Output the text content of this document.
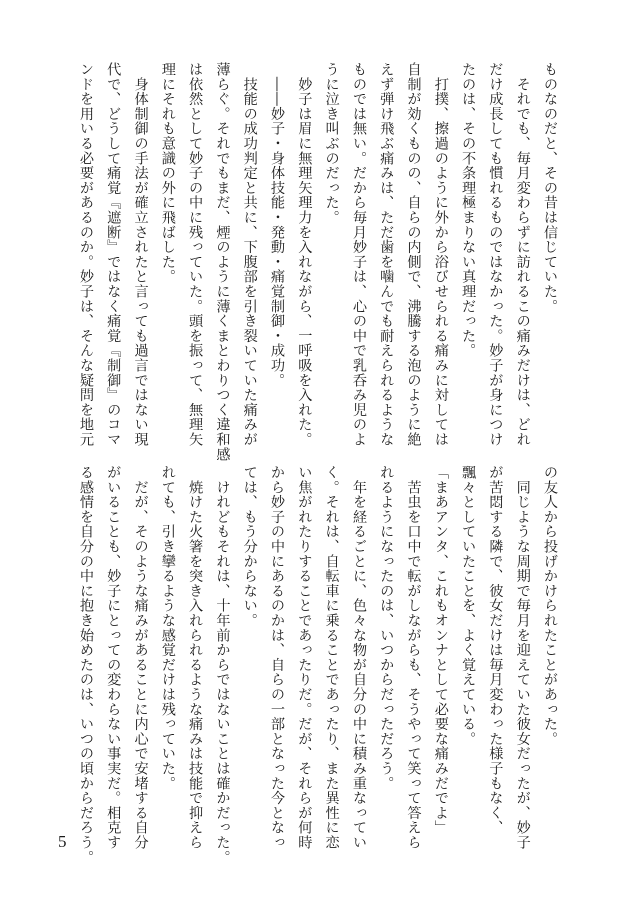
ものなのだと、その昔は信じていた。
　それでも、毎月変わらずに訪れるこの痛みだけは、どれ
だけ成長しても慣れるものではなかった。妙子が身につけ
たのは、その不条理極まりない真理だった。
　打撲、擦過のように外から浴びせられる痛みに対しては
自制が効くものの、自らの内側で、沸騰する泡のように絶
えず弾け飛ぶ痛みは、ただ歯を噛んでも耐えられるような
ものでは無い。だから毎月妙子は、心の中で乳呑み児のよ
うに泣き叫ぶのだった。
　妙子は眉に無理矢理力を入れながら、一呼吸を入れた。
　――妙子・身体技能・発動・痛覚制御・成功。
　技能の成功判定と共に、下腹部を引き裂いていた痛みが
薄らぐ。それでもまだ、煙のように薄くまとわりつく違和感
は依然として妙子の中に残っていた。頭を振って、無理矢
理にそれも意識の外に飛ばした。
　身体制御の手法が確立されたと言っても過言ではない現
代で、どうして痛覚『遮断』ではなく痛覚『制御』のコマ
ンドを用いる必要があるのか。妙子は、そんな疑問を地元
の友人から投げかけられたことがあった。
　同じような周期で毎月を迎えていた彼女だったが、妙子
が苦悶する隣で、彼女だけは毎月変わった様子もなく、
飄々としていたことを、よく覚えている。
「まあアンタ、これもオンナとして必要な痛みだでよ」
　苦虫を口中で転がしながらも、そうやって笑って答えら
れるようになったのは、いつからだっただろう。
　年を経るごとに、色々な物が自分の中に積み重なってい
く。それは、自転車に乗ることであったり、また異性に恋
い焦がれたりすることであったりだ。だが、それらが何時
から妙子の中にあるのかは、自らの一部となった今となっ
ては、もう分からない。
　けれどもそれは、十年前からではないことは確かだった。
　焼けた火箸を突き入れられるような痛みは技能で抑えら
れても、引き攣るような感覚だけは残っていた。
　だが、そのような痛みがあることに内心で安堵する自分
がいることも、妙子にとっての変わらない事実だ。相克す
る感情を自分の中に抱き始めたのは、いつの頃からだろう。
5
